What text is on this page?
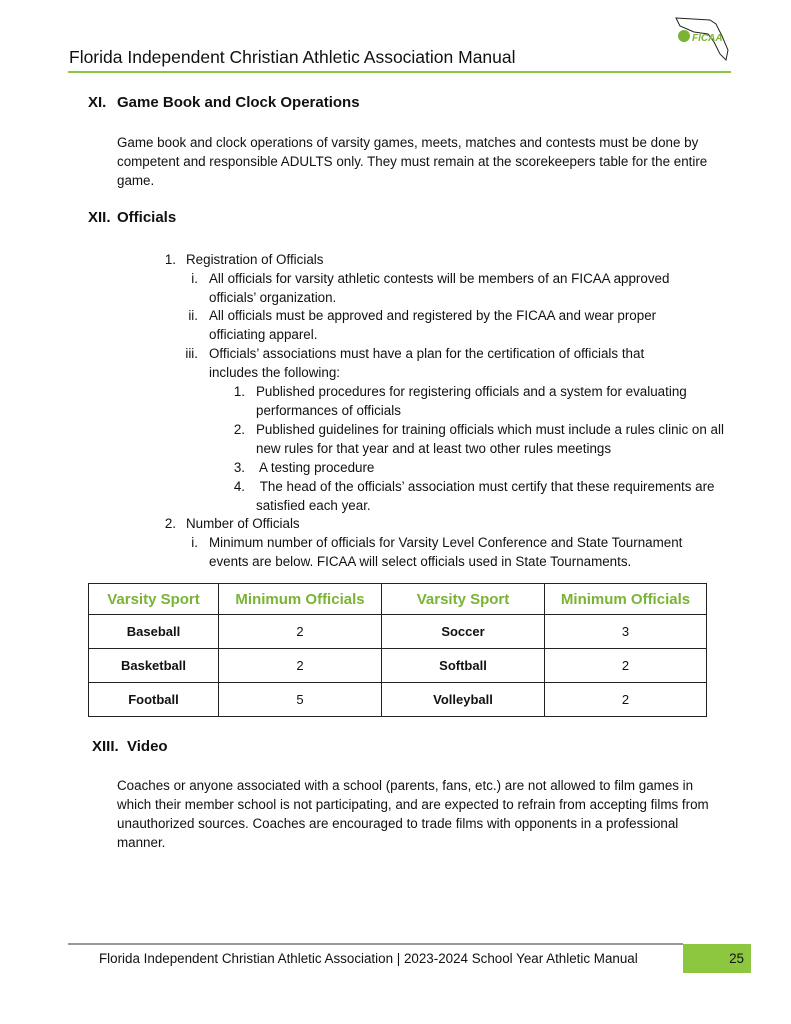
Florida Independent Christian Athletic Association Manual
FICAA
XI. Game Book and Clock Operations
Game book and clock operations of varsity games, meets, matches and contests must be done by competent and responsible ADULTS only. They must remain at the scorekeepers table for the entire game.
XII. Officials
1. Registration of Officials
i. All officials for varsity athletic contests will be members of an FICAA approved officials’ organization.
ii. All officials must be approved and registered by the FICAA and wear proper officiating apparel.
iii. Officials’ associations must have a plan for the certification of officials that includes the following:
1. Published procedures for registering officials and a system for evaluating performances of officials
2. Published guidelines for training officials which must include a rules clinic on all new rules for that year and at least two other rules meetings
3. A testing procedure
4. The head of the officials’ association must certify that these requirements are satisfied each year.
2. Number of Officials
i. Minimum number of officials for Varsity Level Conference and State Tournament events are below. FICAA will select officials used in State Tournaments.
Varsity Sport	Minimum Officials	Varsity Sport	Minimum Officials
Baseball	2	Soccer	3
Basketball	2	Softball	2
Football	5	Volleyball	2
XIII. Video
Coaches or anyone associated with a school (parents, fans, etc.) are not allowed to film games in which their member school is not participating, and are expected to refrain from accepting films from unauthorized sources. Coaches are encouraged to trade films with opponents in a professional manner.
Florida Independent Christian Athletic Association | 2023-2024 School Year Athletic Manual	25
